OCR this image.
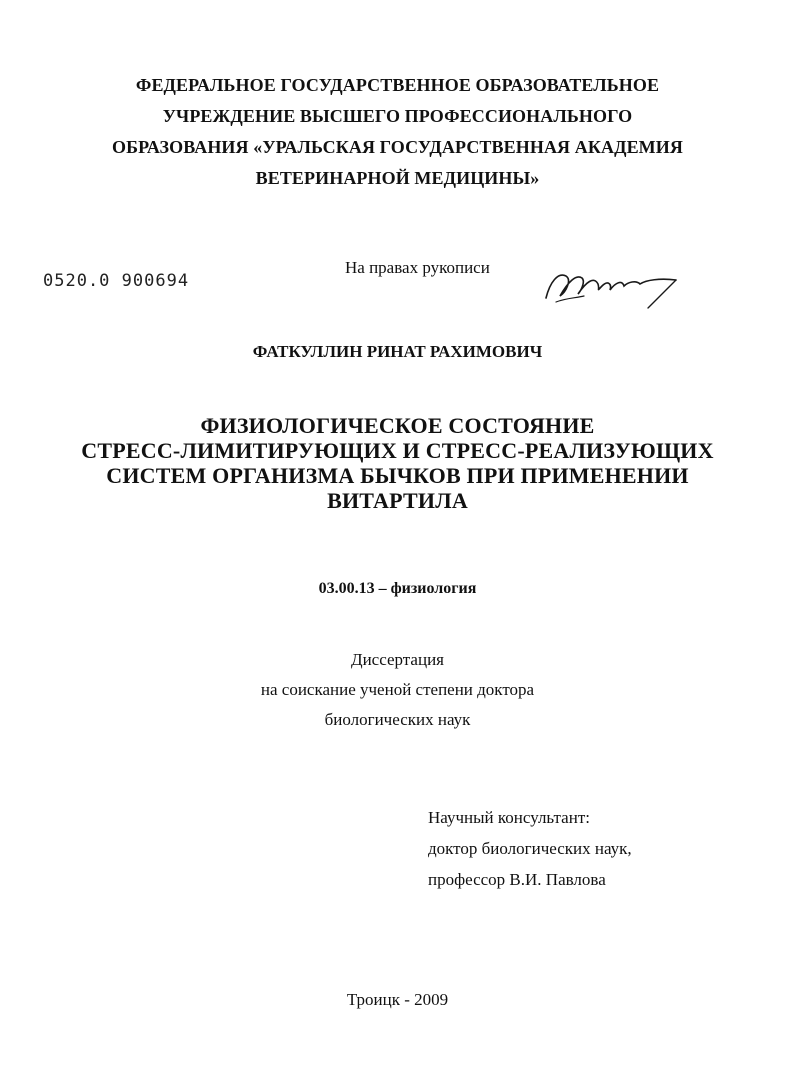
ФЕДЕРАЛЬНОЕ ГОСУДАРСТВЕННОЕ ОБРАЗОВАТЕЛЬНОЕ
УЧРЕЖДЕНИЕ ВЫСШЕГО ПРОФЕССИОНАЛЬНОГО
ОБРАЗОВАНИЯ «УРАЛЬСКАЯ ГОСУДАРСТВЕННАЯ АКАДЕМИЯ
ВЕТЕРИНАРНОЙ МЕДИЦИНЫ»
0520.0 900694
На правах рукописи
ФАТКУЛЛИН РИНАТ РАХИМОВИЧ
ФИЗИОЛОГИЧЕСКОЕ СОСТОЯНИЕ
СТРЕСС-ЛИМИТИРУЮЩИХ И СТРЕСС-РЕАЛИЗУЮЩИХ
СИСТЕМ ОРГАНИЗМА БЫЧКОВ ПРИ ПРИМЕНЕНИИ
ВИТАРТИЛА
03.00.13 – физиология
Диссертация
на соискание ученой степени доктора
биологических наук
Научный консультант:
доктор биологических наук,
профессор В.И. Павлова
Троицк - 2009
